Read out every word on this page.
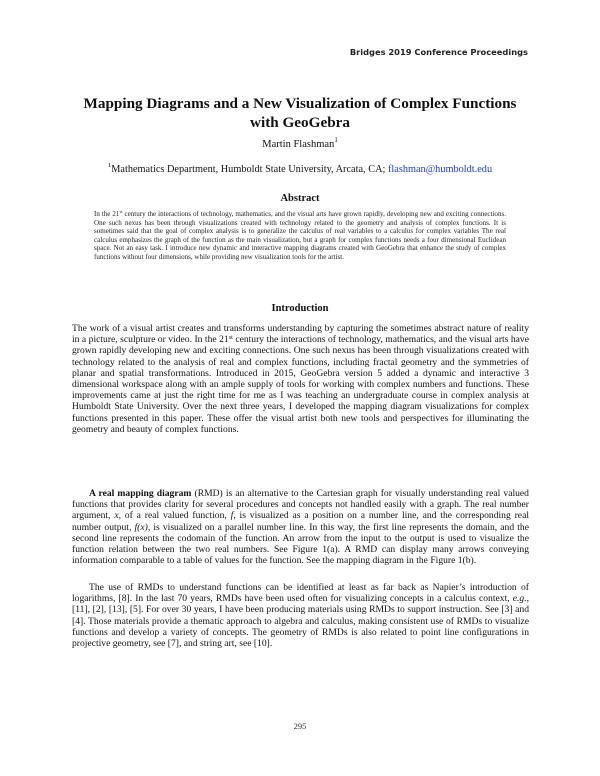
Bridges 2019 Conference Proceedings
Mapping Diagrams and a New Visualization of Complex Functions
with GeoGebra
Martin Flashman$^1$
$^1$Mathematics Department, Humboldt State University, Arcata, CA; flashman@humboldt.edu
Abstract
In the 21st century the interactions of technology, mathematics, and the visual arts have grown rapidly, developing new and exciting connections. One such nexus has been through visualizations created with technology related to the geometry and analysis of complex functions. It is sometimes said that the goal of complex analysis is to generalize the calculus of real variables to a calculus for complex variables The real calculus emphasizes the graph of the function as the main visualization, but a graph for complex functions needs a four dimensional Euclidean space. Not an easy task. I introduce new dynamic and interactive mapping diagrams created with GeoGebra that enhance the study of complex functions without four dimensions, while providing new visualization tools for the artist.
Introduction
The work of a visual artist creates and transforms understanding by capturing the sometimes abstract nature of reality in a picture, sculpture or video. In the 21st century the interactions of technology, mathematics, and the visual arts have grown rapidly developing new and exciting connections. One such nexus has been through visualizations created with technology related to the analysis of real and complex functions, including fractal geometry and the symmetries of planar and spatial transformations. Introduced in 2015, GeoGebra version 5 added a dynamic and interactive 3 dimensional workspace along with an ample supply of tools for working with complex numbers and functions. These improvements came at just the right time for me as I was teaching an undergraduate course in complex analysis at Humboldt State University. Over the next three years, I developed the mapping diagram visualizations for complex functions presented in this paper. These offer the visual artist both new tools and perspectives for illuminating the geometry and beauty of complex functions.
A real mapping diagram (RMD) is an alternative to the Cartesian graph for visually understanding real valued functions that provides clarity for several procedures and concepts not handled easily with a graph. The real number argument, x, of a real valued function, f, is visualized as a position on a number line, and the corresponding real number output, f(x), is visualized on a parallel number line. In this way, the first line represents the domain, and the second line represents the codomain of the function. An arrow from the input to the output is used to visualize the function relation between the two real numbers. See Figure 1(a). A RMD can display many arrows conveying information comparable to a table of values for the function. See the mapping diagram in the Figure 1(b).
The use of RMDs to understand functions can be identified at least as far back as Napier’s introduction of logarithms, [8]. In the last 70 years, RMDs have been used often for visualizing concepts in a calculus context, e.g., [11], [2], [13], [5]. For over 30 years, I have been producing materials using RMDs to support instruction. See [3] and [4]. Those materials provide a thematic approach to algebra and calculus, making consistent use of RMDs to visualize functions and develop a variety of concepts. The geometry of RMDs is also related to point line configurations in projective geometry, see [7], and string art, see [10].
295
